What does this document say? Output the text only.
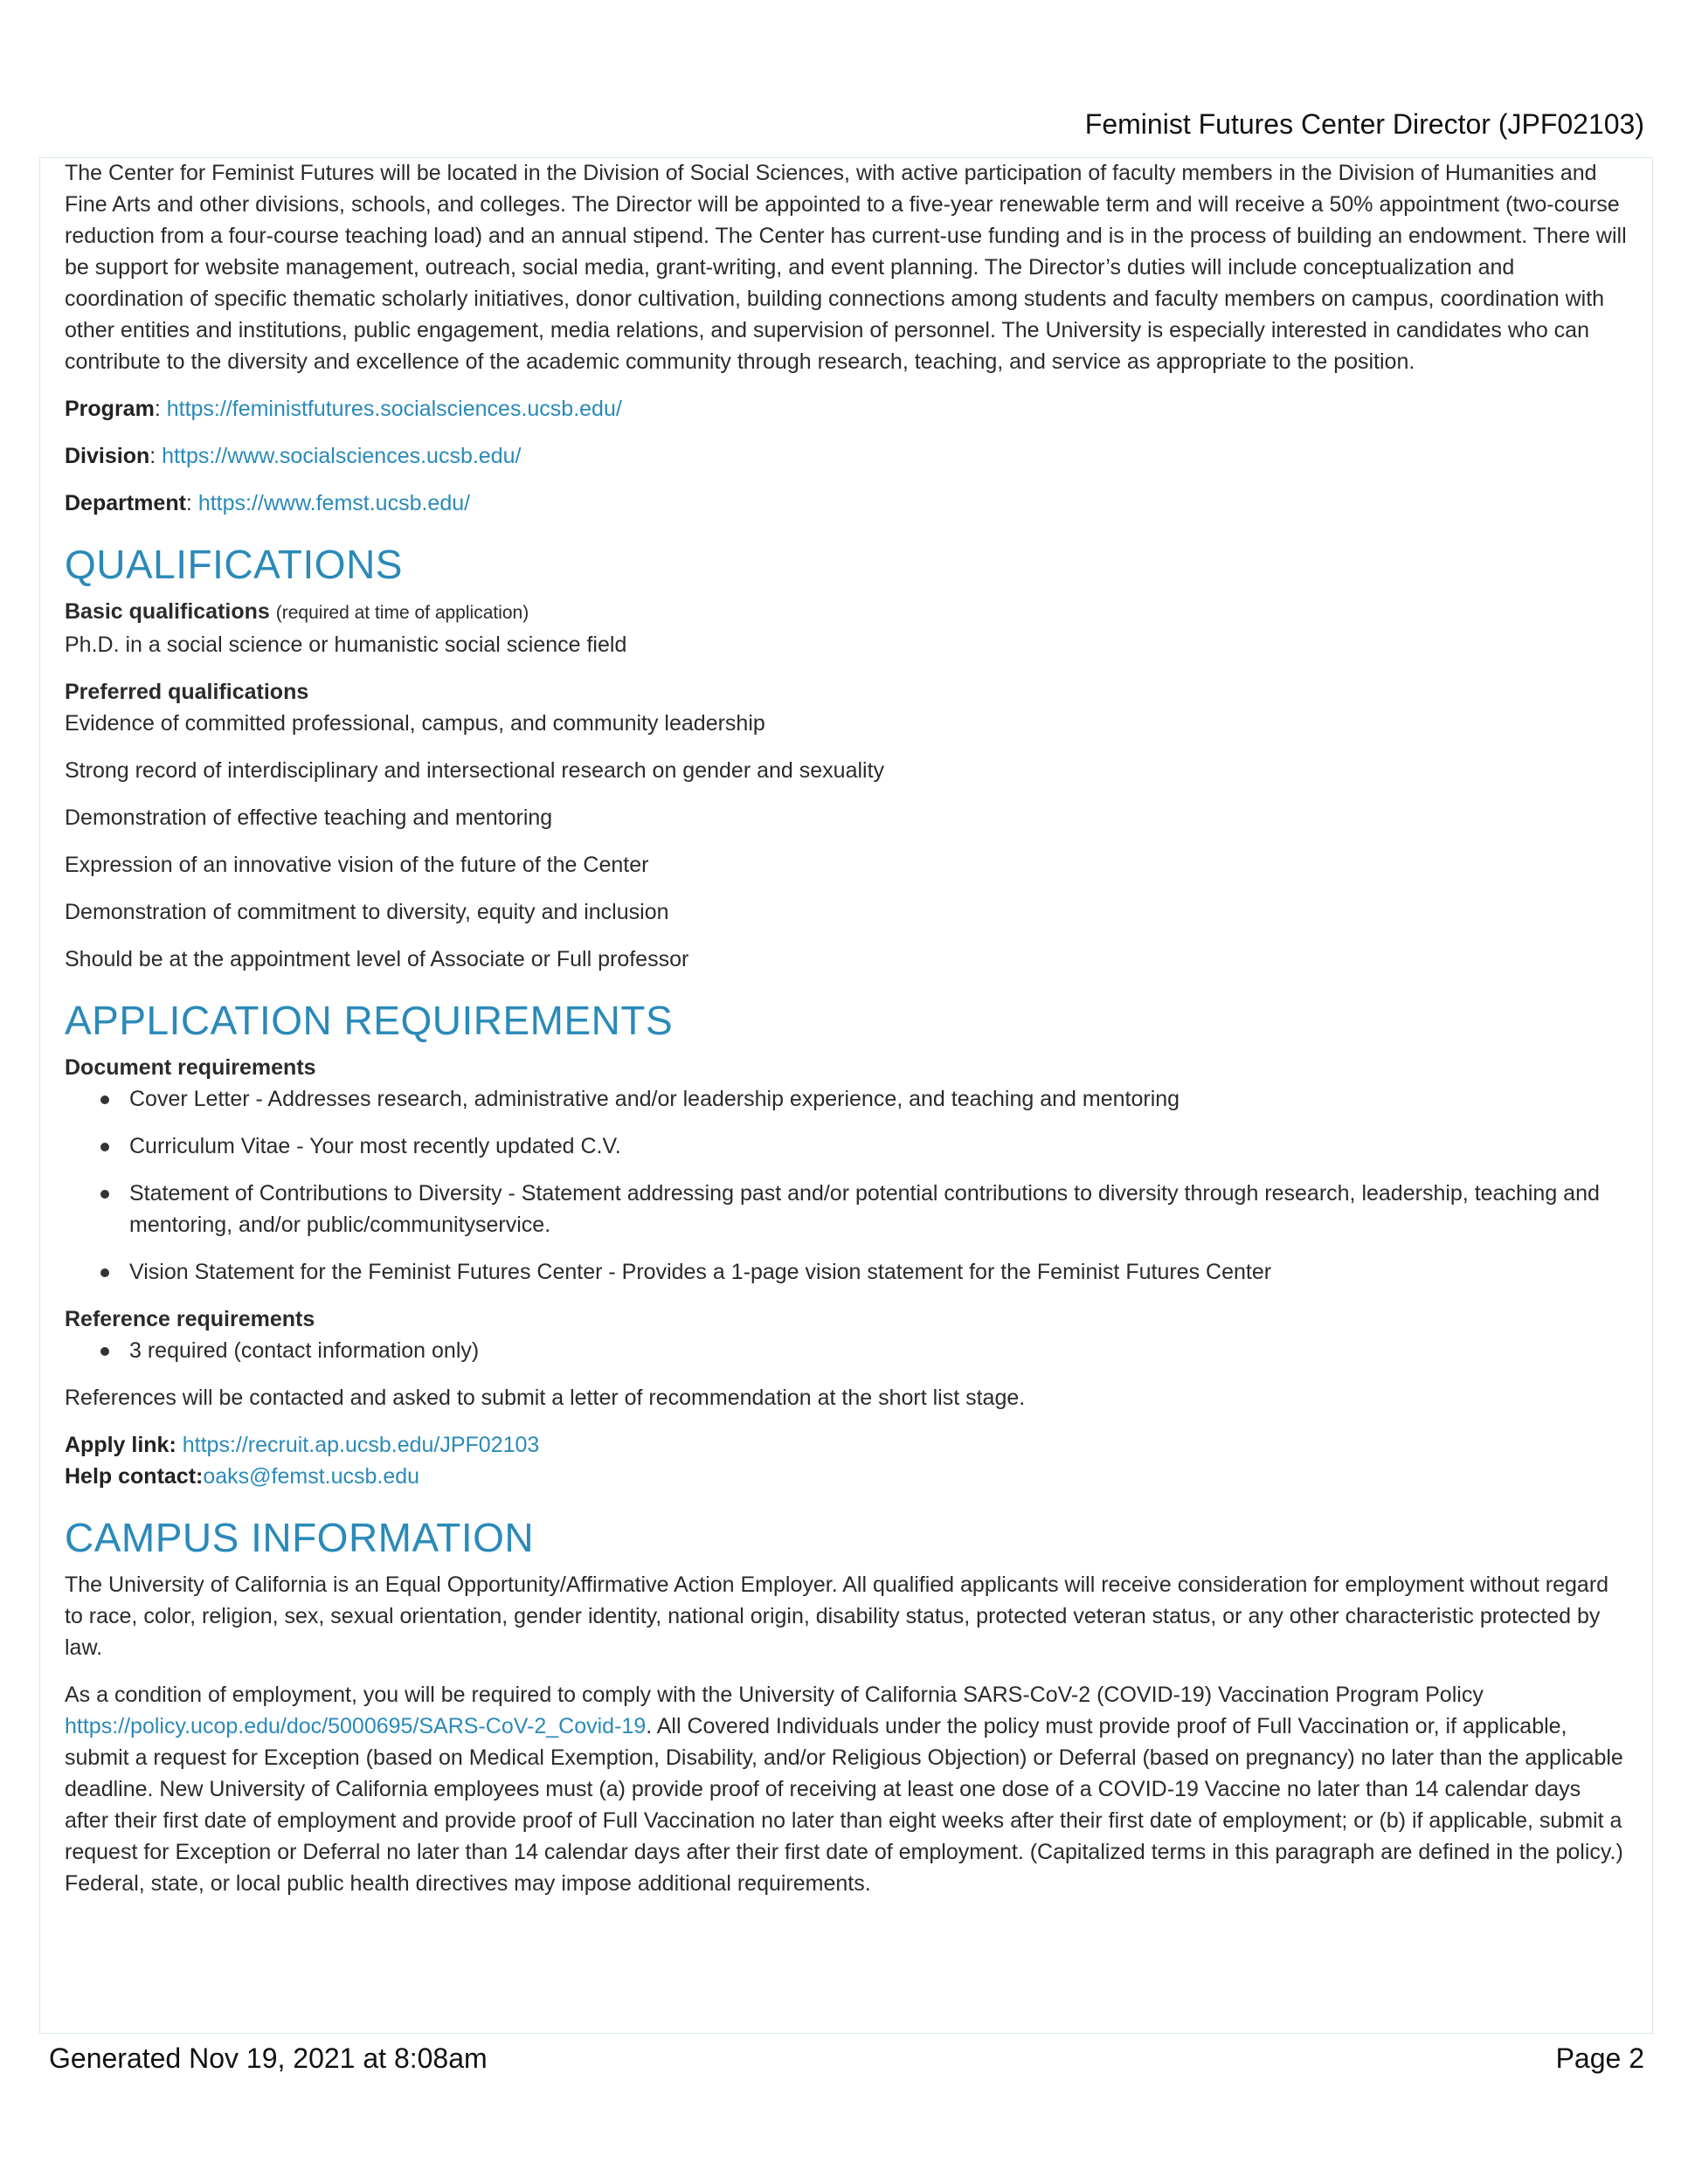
Feminist Futures Center Director (JPF02103)

The Center for Feminist Futures will be located in the Division of Social Sciences, with active participation of faculty members in the Division of Humanities and Fine Arts and other divisions, schools, and colleges. The Director will be appointed to a five-year renewable term and will receive a 50% appointment (two-course reduction from a four-course teaching load) and an annual stipend. The Center has current-use funding and is in the process of building an endowment. There will be support for website management, outreach, social media, grant-writing, and event planning. The Director’s duties will include conceptualization and coordination of specific thematic scholarly initiatives, donor cultivation, building connections among students and faculty members on campus, coordination with other entities and institutions, public engagement, media relations, and supervision of personnel. The University is especially interested in candidates who can contribute to the diversity and excellence of the academic community through research, teaching, and service as appropriate to the position.

Program: https://feministfutures.socialsciences.ucsb.edu/

Division: https://www.socialsciences.ucsb.edu/

Department: https://www.femst.ucsb.edu/

QUALIFICATIONS

Basic qualifications (required at time of application)

Ph.D. in a social science or humanistic social science field

Preferred qualifications

Evidence of committed professional, campus, and community leadership

Strong record of interdisciplinary and intersectional research on gender and sexuality

Demonstration of effective teaching and mentoring

Expression of an innovative vision of the future of the Center

Demonstration of commitment to diversity, equity and inclusion

Should be at the appointment level of Associate or Full professor

APPLICATION REQUIREMENTS

Document requirements

Cover Letter - Addresses research, administrative and/or leadership experience, and teaching and mentoring
Curriculum Vitae - Your most recently updated C.V.
Statement of Contributions to Diversity - Statement addressing past and/or potential contributions to diversity through research, leadership, teaching and mentoring, and/or public/communityservice.
Vision Statement for the Feminist Futures Center - Provides a 1-page vision statement for the Feminist Futures Center

Reference requirements

3 required (contact information only)

References will be contacted and asked to submit a letter of recommendation at the short list stage.

Apply link: https://recruit.ap.ucsb.edu/JPF02103

Help contact:oaks@femst.ucsb.edu

CAMPUS INFORMATION

The University of California is an Equal Opportunity/Affirmative Action Employer. All qualified applicants will receive consideration for employment without regard to race, color, religion, sex, sexual orientation, gender identity, national origin, disability status, protected veteran status, or any other characteristic protected by law.

As a condition of employment, you will be required to comply with the University of California SARS-CoV-2 (COVID-19) Vaccination Program Policy https://policy.ucop.edu/doc/5000695/SARS-CoV-2_Covid-19. All Covered Individuals under the policy must provide proof of Full Vaccination or, if applicable, submit a request for Exception (based on Medical Exemption, Disability, and/or Religious Objection) or Deferral (based on pregnancy) no later than the applicable deadline. New University of California employees must (a) provide proof of receiving at least one dose of a COVID-19 Vaccine no later than 14 calendar days after their first date of employment and provide proof of Full Vaccination no later than eight weeks after their first date of employment; or (b) if applicable, submit a request for Exception or Deferral no later than 14 calendar days after their first date of employment. (Capitalized terms in this paragraph are defined in the policy.) Federal, state, or local public health directives may impose additional requirements.

Generated Nov 19, 2021 at 8:08am	Page 2
